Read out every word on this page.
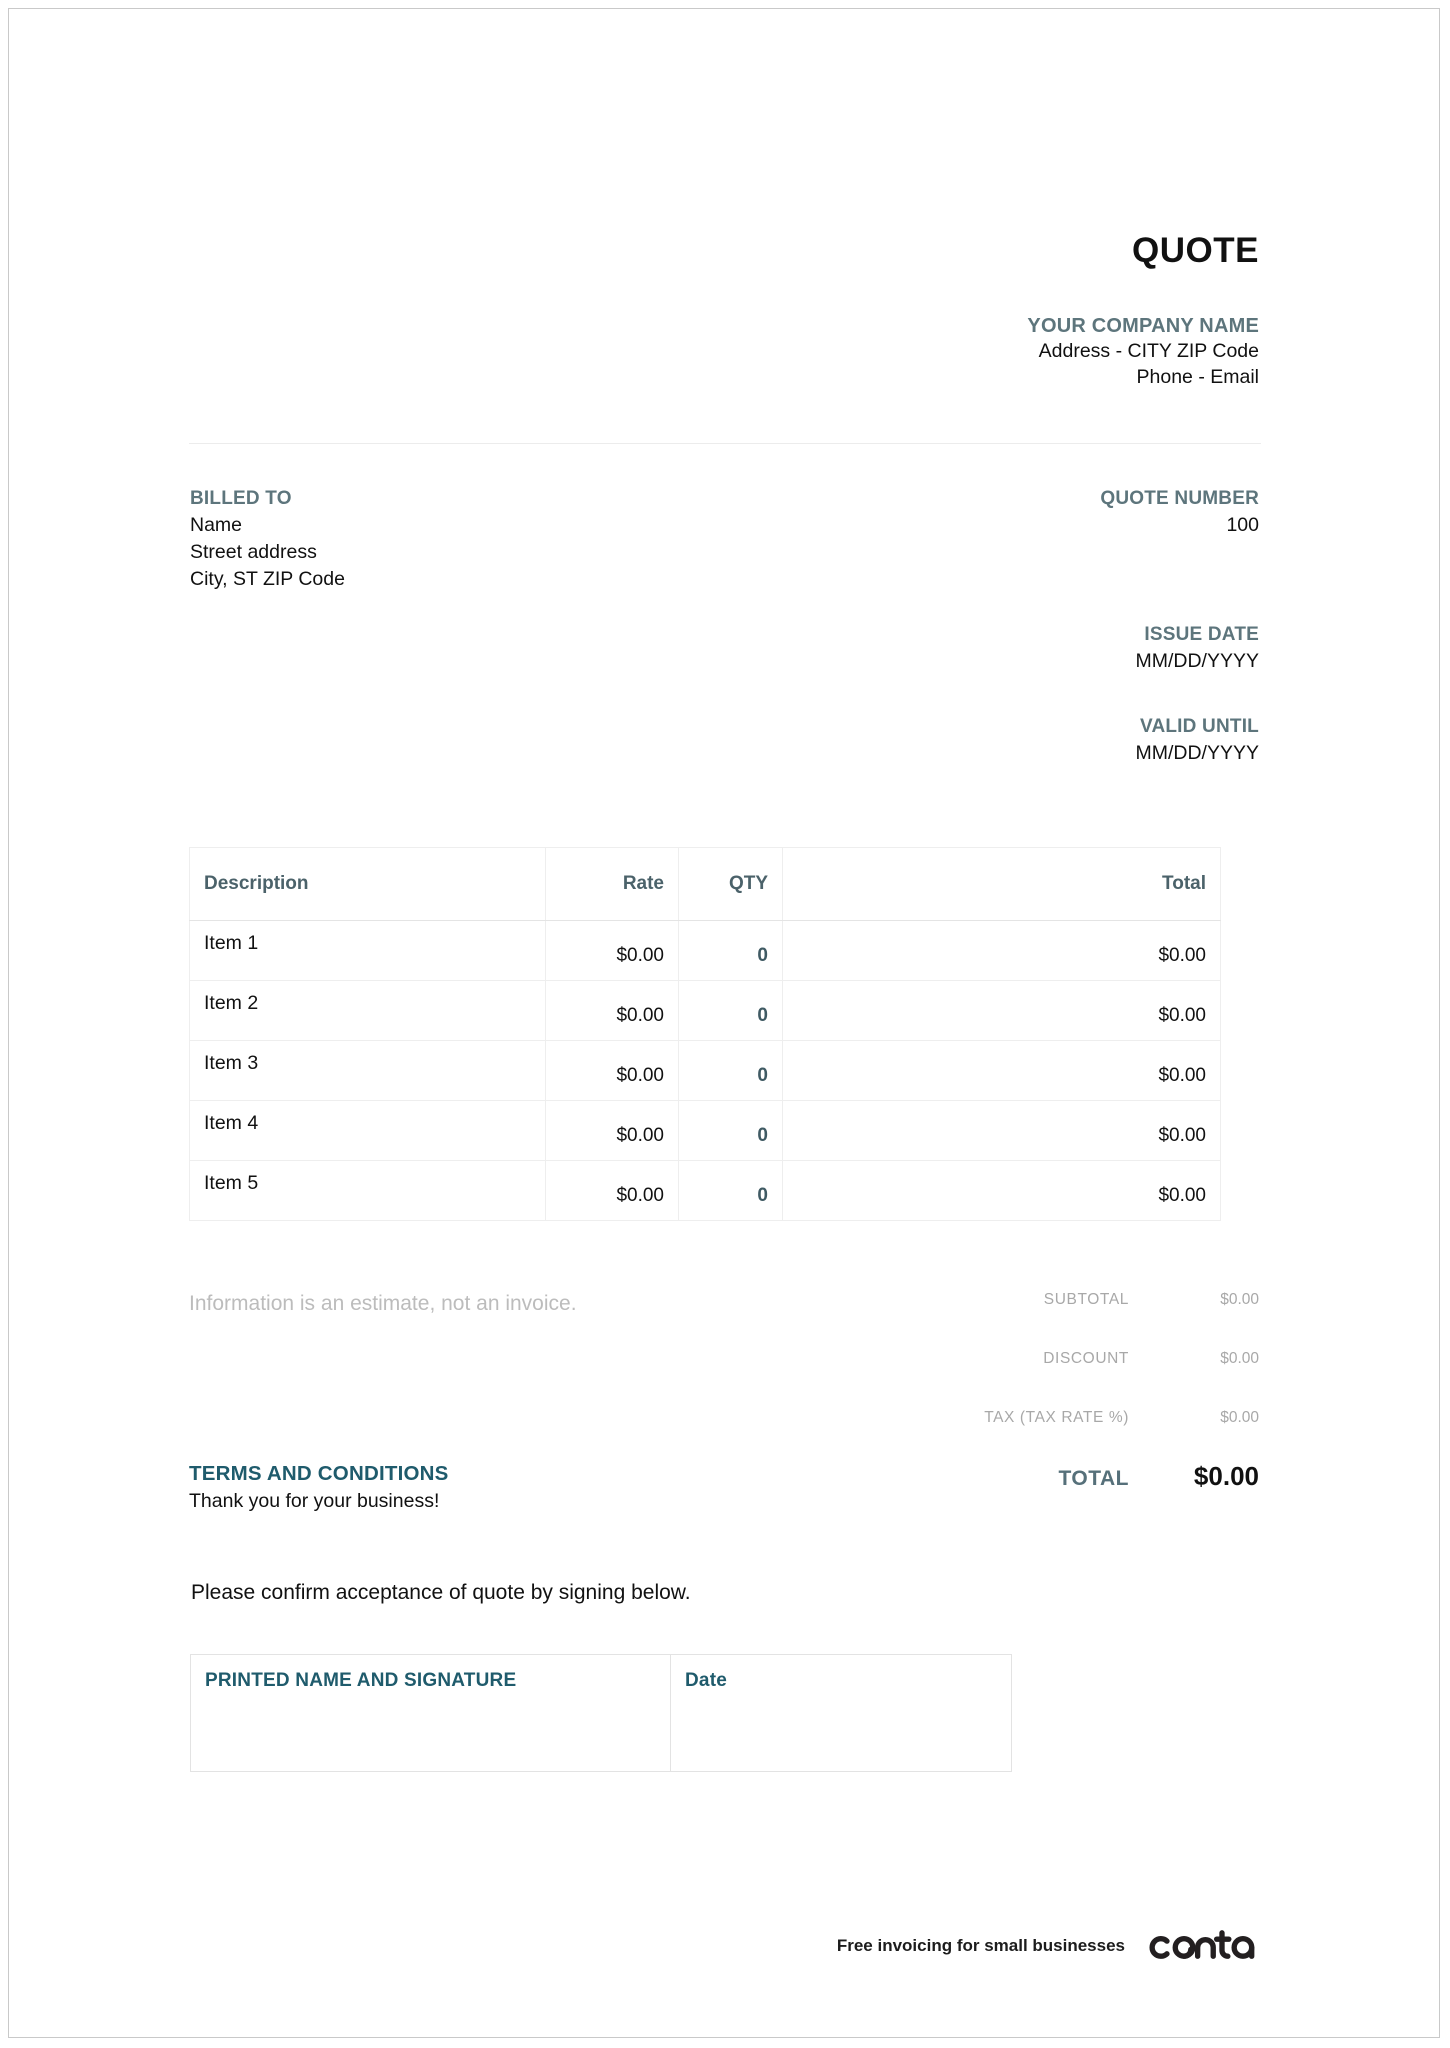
QUOTE
YOUR COMPANY NAME
Address - CITY ZIP Code
Phone - Email
BILLED TO
Name
Street address
City, ST ZIP Code
QUOTE NUMBER
100
ISSUE DATE
MM/DD/YYYY
VALID UNTIL
MM/DD/YYYY
Description	Rate	QTY	Total

Item 1	$0.00	0	$0.00

Item 2	$0.00	0	$0.00

Item 3	$0.00	0	$0.00

Item 4	$0.00	0	$0.00

Item 5	$0.00	0	$0.00
Information is an estimate, not an invoice.	SUBTOTAL	$0.00
DISCOUNT	$0.00
TAX (TAX RATE %)	$0.00
TOTAL	$0.00
TERMS AND CONDITIONS
Thank you for your business!
Please confirm acceptance of quote by signing below.
PRINTED NAME AND SIGNATURE	Date
Free invoicing for small businesses
